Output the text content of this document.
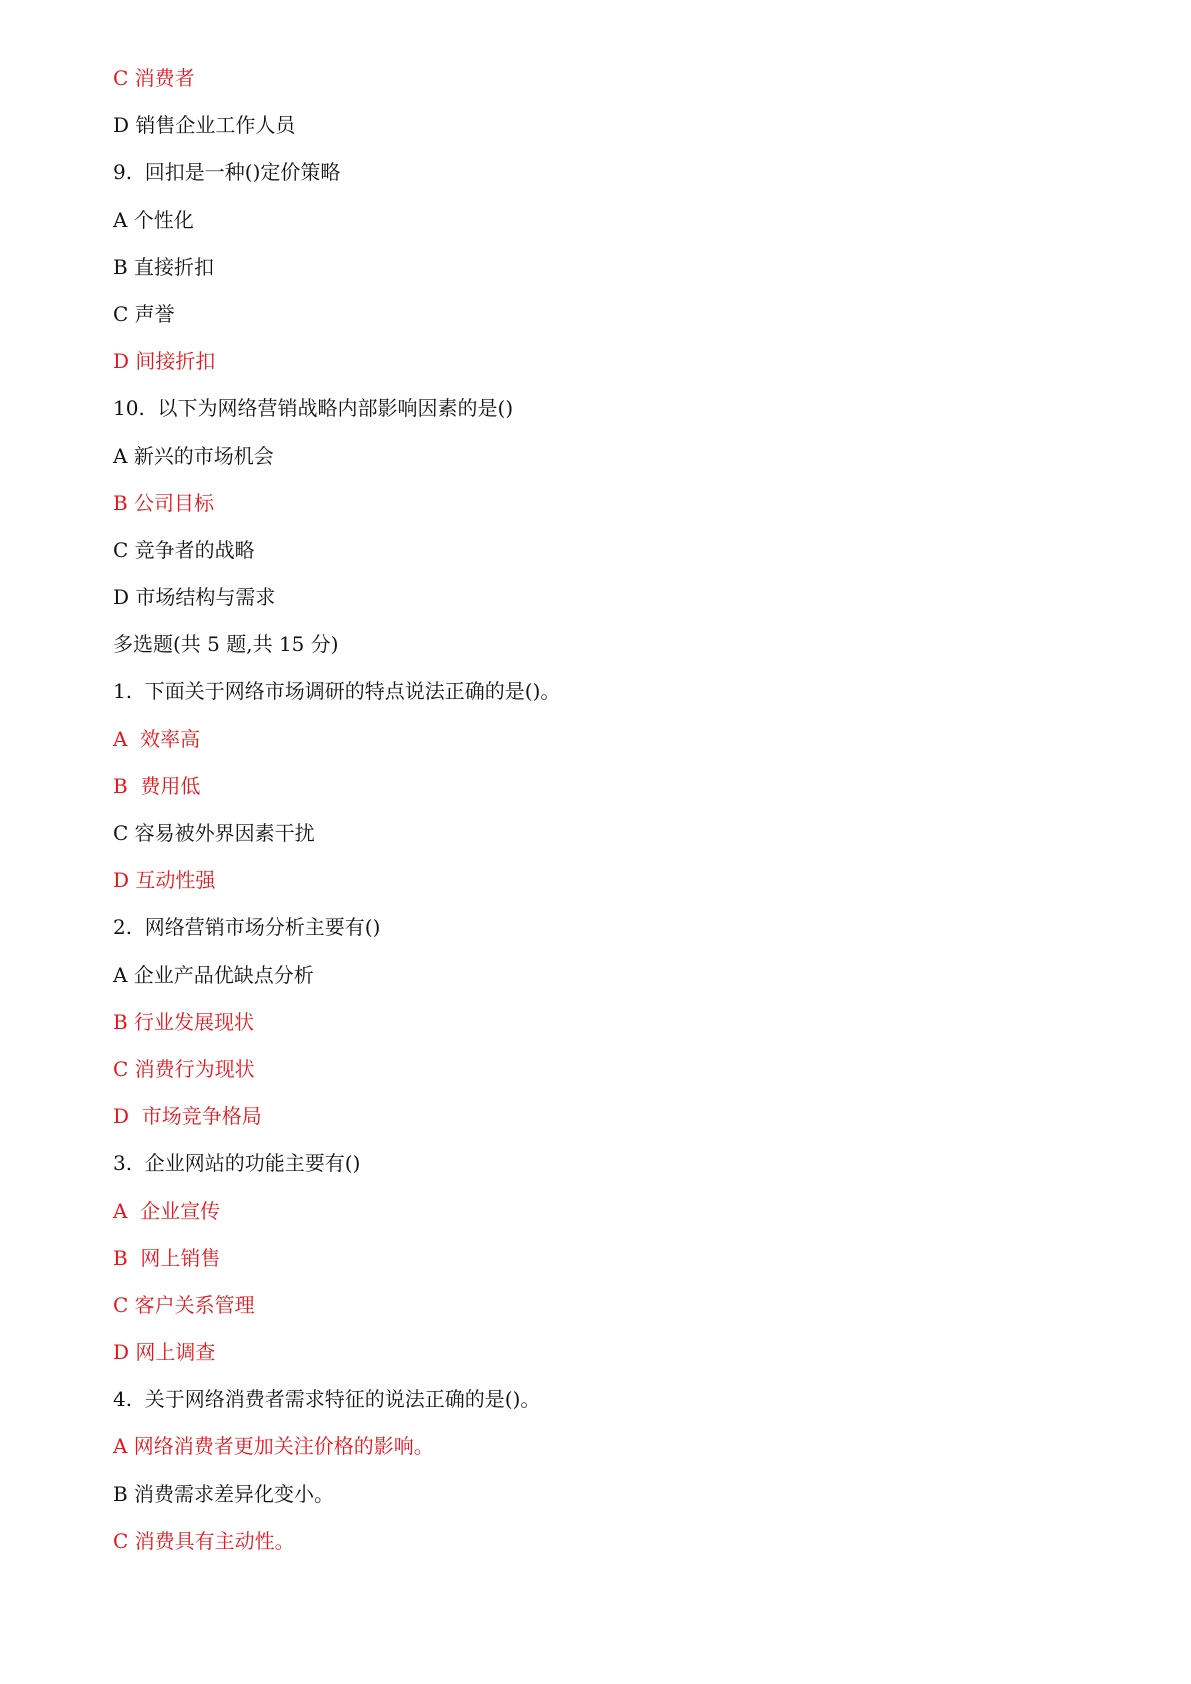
C 消费者
D 销售企业工作人员
9.  回扣是一种()定价策略
A 个性化
B 直接折扣
C 声誉
D 间接折扣
10.  以下为网络营销战略内部影响因素的是()
A 新兴的市场机会
B 公司目标
C 竞争者的战略
D 市场结构与需求
多选题(共 5 题,共 15 分)
1.  下面关于网络市场调研的特点说法正确的是()。
A  效率高
B  费用低
C 容易被外界因素干扰
D 互动性强
2.  网络营销市场分析主要有()
A 企业产品优缺点分析
B 行业发展现状
C 消费行为现状
D  市场竞争格局
3.  企业网站的功能主要有()
A  企业宣传
B  网上销售
C 客户关系管理
D 网上调查
4.  关于网络消费者需求特征的说法正确的是()。
A 网络消费者更加关注价格的影响。
B 消费需求差异化变小。
C 消费具有主动性。
